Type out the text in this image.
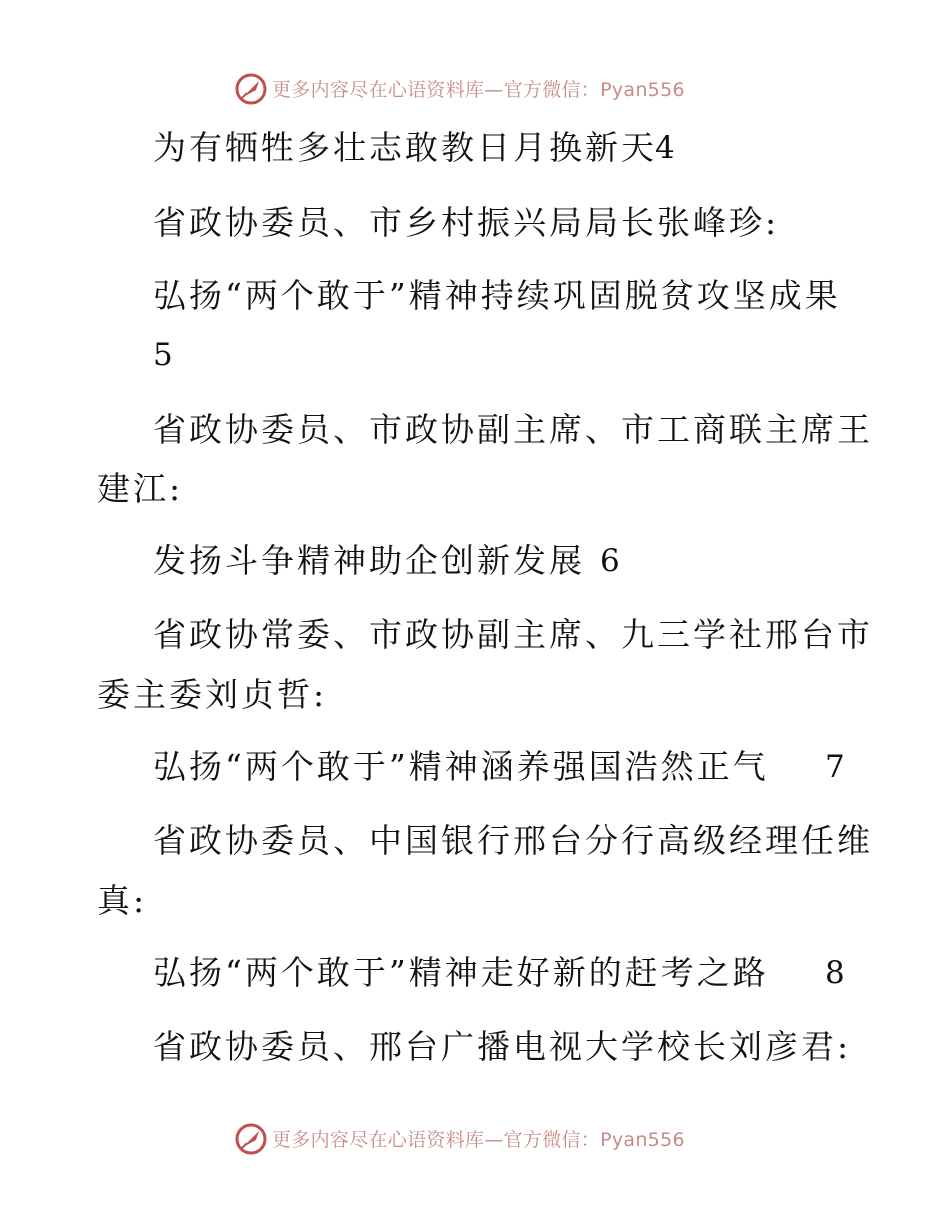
更多内容尽在心语资料库—官方微信：Pyan556
为有牺牲多壮志敢教日月换新天
4
省政协委员、市乡村振兴局局长张峰珍:
弘扬“两个敢于”精神持续巩固脱贫攻坚成果
5
省政协委员、市政协副主席、市工商联主席王
建江:
发扬斗争精神助企创新发展 6
省政协常委、市政协副主席、九三学社邢台市
委主委刘贞哲:
弘扬“两个敢于”精神涵养强国浩然正气 7
省政协委员、中国银行邢台分行高级经理任维
真:
弘扬“两个敢于”精神走好新的赶考之路 8
省政协委员、邢台广播电视大学校长刘彦君:
更多内容尽在心语资料库—官方微信：Pyan556
